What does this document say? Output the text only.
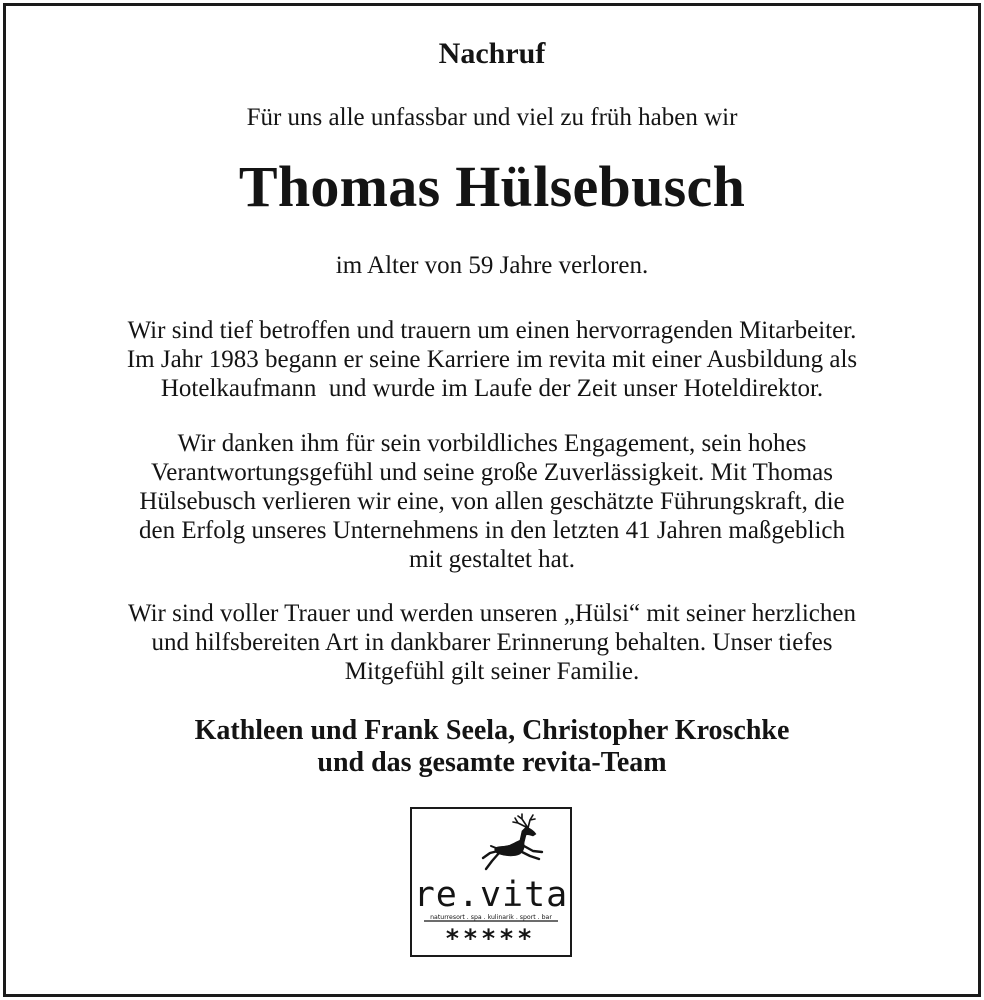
Nachruf
Für uns alle unfassbar und viel zu früh haben wir
Thomas Hülsebusch
im Alter von 59 Jahre verloren.
Wir sind tief betroffen und trauern um einen hervorragenden Mitarbeiter.
Im Jahr 1983 begann er seine Karriere im revita mit einer Ausbildung als
Hotelkaufmann  und wurde im Laufe der Zeit unser Hoteldirektor.
Wir danken ihm für sein vorbildliches Engagement, sein hohes
Verantwortungsgefühl und seine große Zuverlässigkeit. Mit Thomas
Hülsebusch verlieren wir eine, von allen geschätzte Führungskraft, die
den Erfolg unseres Unternehmens in den letzten 41 Jahren maßgeblich
mit gestaltet hat.
Wir sind voller Trauer und werden unseren „Hülsi“ mit seiner herzlichen
und hilfsbereiten Art in dankbarer Erinnerung behalten. Unser tiefes
Mitgefühl gilt seiner Familie.
Kathleen und Frank Seela, Christopher Kroschke
und das gesamte revita-Team
re.vita
naturresort . spa . kulinarik . sport . bar
*****
